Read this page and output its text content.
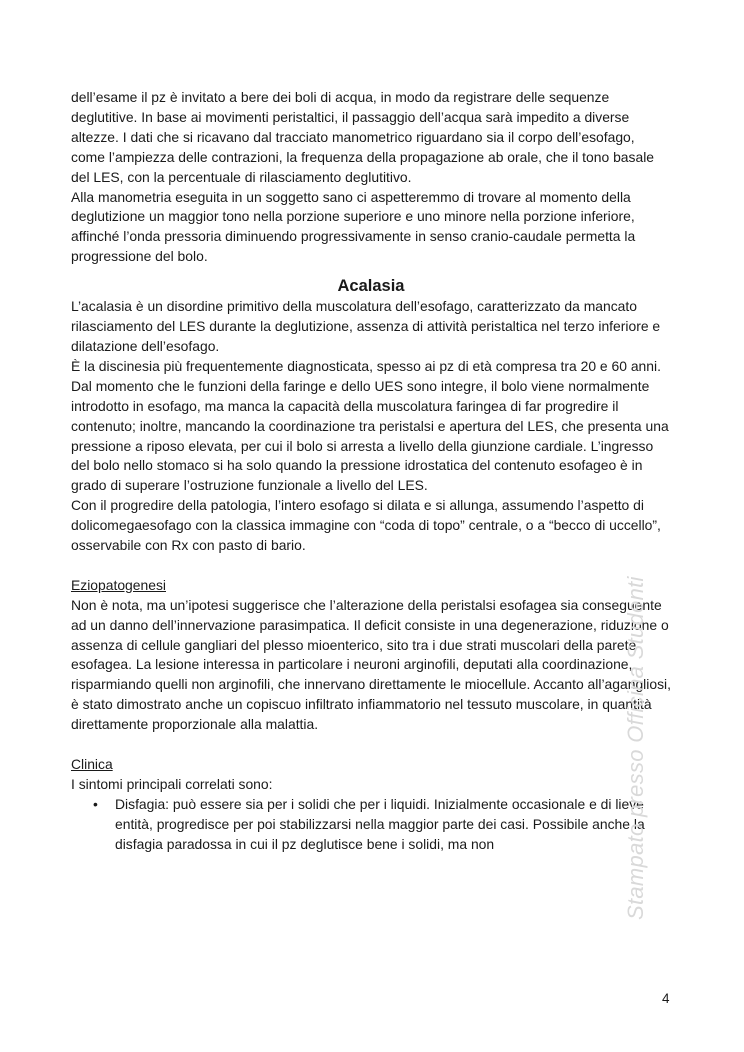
dell’esame il pz è invitato a bere dei boli di acqua, in modo da registrare delle sequenze deglutitive. In base ai movimenti peristaltici, il passaggio dell’acqua sarà impedito a diverse altezze. I dati che si ricavano dal tracciato manometrico riguardano sia il corpo dell’esofago, come l’ampiezza delle contrazioni, la frequenza della propagazione ab orale, che il tono basale del LES, con la percentuale di rilasciamento deglutitivo.

Alla manometria eseguita in un soggetto sano ci aspetteremmo di trovare al momento della deglutizione un maggior tono nella porzione superiore e uno minore nella porzione inferiore, affinché l’onda pressoria diminuendo progressivamente in senso cranio-caudale permetta la progressione del bolo.

Acalasia

L’acalasia è un disordine primitivo della muscolatura dell’esofago, caratterizzato da mancato rilasciamento del LES durante la deglutizione, assenza di attività peristaltica nel terzo inferiore e dilatazione dell’esofago.

È la discinesia più frequentemente diagnosticata, spesso ai pz di età compresa tra 20 e 60 anni.

Dal momento che le funzioni della faringe e dello UES sono integre, il bolo viene normalmente introdotto in esofago, ma manca la capacità della muscolatura faringea di far progredire il contenuto; inoltre, mancando la coordinazione tra peristalsi e apertura del LES, che presenta una pressione a riposo elevata, per cui il bolo si arresta a livello della giunzione cardiale. L’ingresso del bolo nello stomaco si ha solo quando la pressione idrostatica del contenuto esofageo è in grado di superare l’ostruzione funzionale a livello del LES.

Con il progredire della patologia, l’intero esofago si dilata e si allunga, assumendo l’aspetto di dolicomegaesofago con la classica immagine con “coda di topo” centrale, o a “becco di uccello”, osservabile con Rx con pasto di bario.

Eziopatogenesi

Non è nota, ma un’ipotesi suggerisce che l’alterazione della peristalsi esofagea sia conseguente ad un danno dell’innervazione parasimpatica. Il deficit consiste in una degenerazione, riduzione o assenza di cellule gangliari del plesso mioenterico, sito tra i due strati muscolari della parete esofagea. La lesione interessa in particolare i neuroni arginofili, deputati alla coordinazione, risparmiando quelli non arginofili, che innervano direttamente le miocellule. Accanto all’agangliosi, è stato dimostrato anche un copiscuo infiltrato infiammatorio nel tessuto muscolare, in quantità direttamente proporzionale alla malattia.

Clinica

I sintomi principali correlati sono:

• Disfagia: può essere sia per i solidi che per i liquidi. Inizialmente occasionale e di lieve entità, progredisce per poi stabilizzarsi nella maggior parte dei casi. Possibile anche la disfagia paradossa in cui il pz deglutisce bene i solidi, ma non	Stampato presso Officina Studenti
4
